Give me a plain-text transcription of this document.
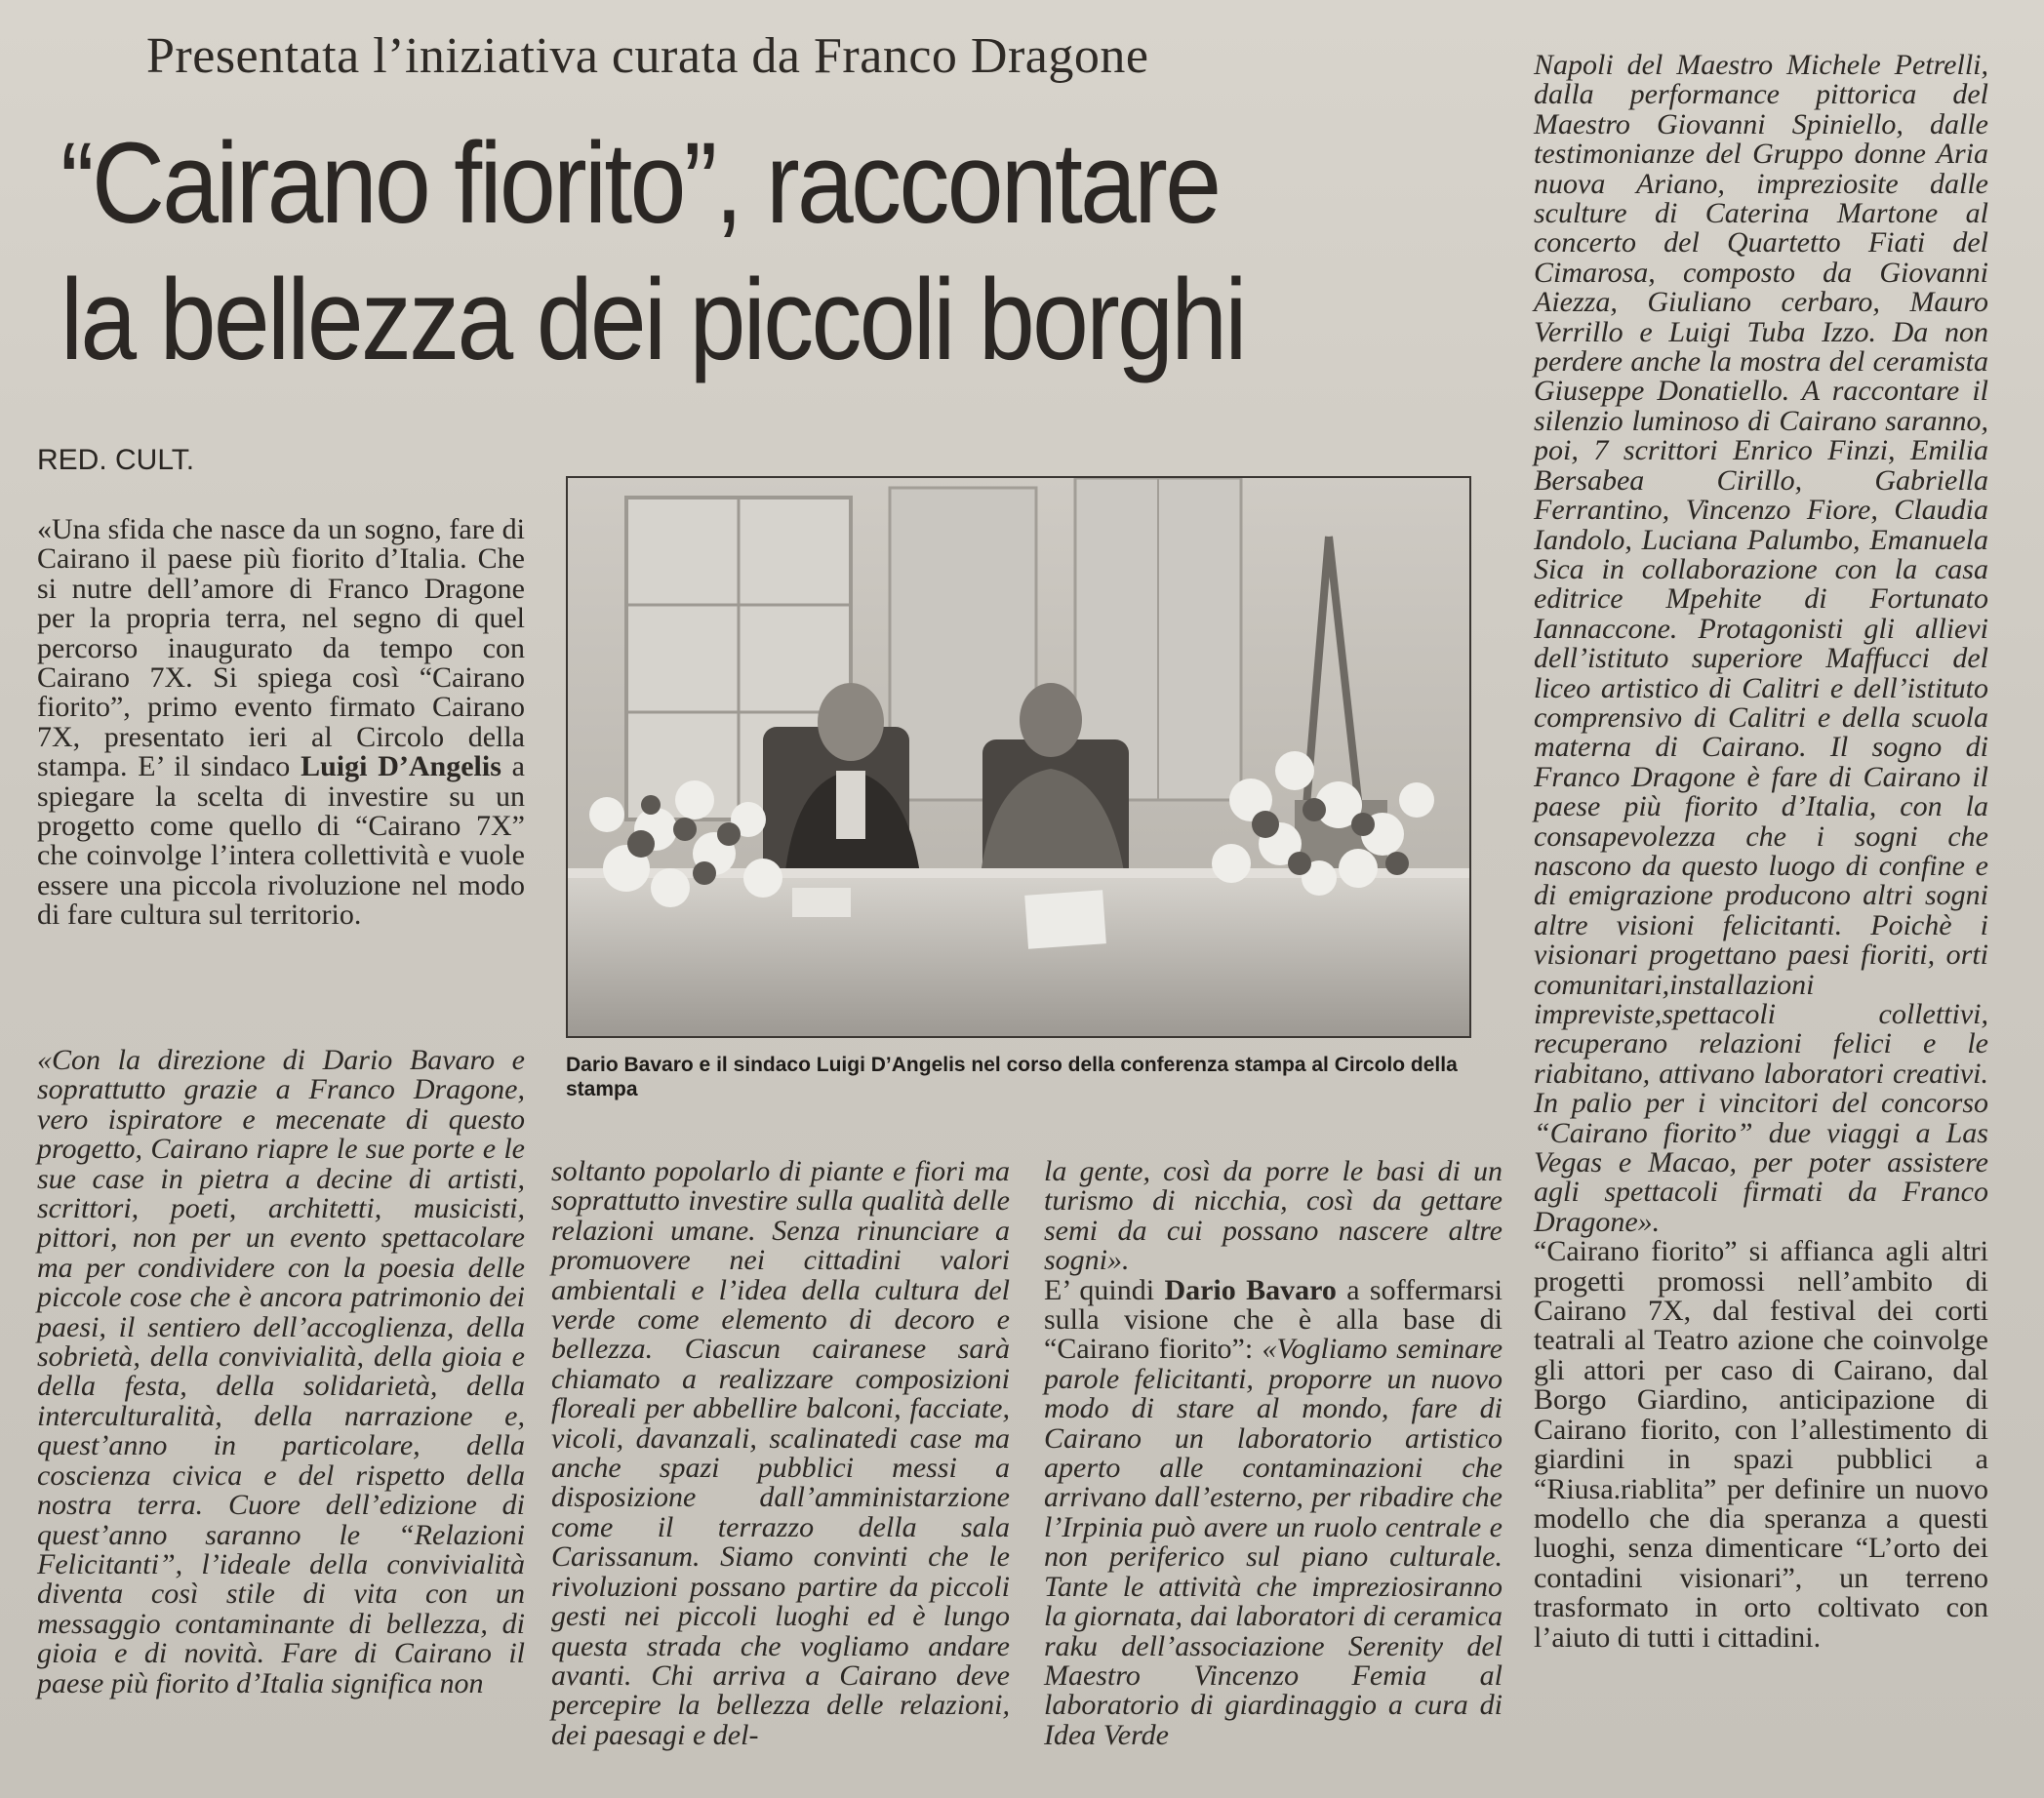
Presentata l’iniziativa curata da Franco Dragone
“Cairano fiorito”, raccontare
la bellezza dei piccoli borghi
RED. CULT.

«Una sfida che nasce da un sogno, fare di Cairano il paese più fiorito d’Italia. Che si nutre dell’amore di Franco Dragone per la propria terra, nel segno di quel percorso inaugurato da tempo con Cairano 7X. Si spiega così “Cairano fiorito”, primo evento firmato Cairano 7X, presentato ieri al Circolo della stampa. E’ il sindaco Luigi D’Angelis a spiegare la scelta di investire su un progetto come quello di “Cairano 7X” che coinvolge l’intera collettività e vuole essere una piccola rivoluzione nel modo di fare cultura sul territorio.

«Con la direzione di Dario Bavaro e soprattutto grazie a Franco Dragone, vero ispiratore e mecenate di questo progetto, Cairano riapre le sue porte e le sue case in pietra a decine di artisti, scrittori, poeti, architetti, musicisti, pittori, non per un evento spettacolare ma per condividere con la poesia delle piccole cose che è ancora patrimonio dei paesi, il sentiero dell’accoglienza, della sobrietà, della convivialità, della gioia e della festa, della solidarietà, della interculturalità, della narrazione e, quest’anno in particolare, della coscienza civica e del rispetto della nostra terra. Cuore dell’edizione di quest’anno saranno le “Relazioni Felicitanti”, l’ideale della convivialità diventa così stile di vita con un messaggio contaminante di bellezza, di gioia e di novità. Fare di Cairano il paese più fiorito d’Italia significa non

Dario Bavaro e il sindaco Luigi D’Angelis nel corso della conferenza stampa al Circolo della stampa

soltanto popolarlo di piante e fiori ma soprattutto investire sulla qualità delle relazioni umane. Senza rinunciare a promuovere nei cittadini valori ambientali e l’idea della cultura del verde come elemento di decoro e bellezza. Ciascun cairanese sarà chiamato a realizzare composizioni floreali per abbellire balconi, facciate, vicoli, davanzali, scalinatedi case ma anche spazi pubblici messi a disposizione dall’amministarzione come il terrazzo della sala Carissanum. Siamo convinti che le rivoluzioni possano partire da piccoli gesti nei piccoli luoghi ed è lungo questa strada che vogliamo andare avanti. Chi arriva a Cairano deve percepire la bellezza delle relazioni, dei paesagi e del-

la gente, così da porre le basi di un turismo di nicchia, così da gettare semi da cui possano nascere altre sogni».

E’ quindi Dario Bavaro a soffermarsi sulla visione che è alla base di “Cairano fiorito”: «Vogliamo seminare parole felicitanti, proporre un nuovo modo di stare al mondo, fare di Cairano un laboratorio artistico aperto alle contaminazioni che arrivano dall’esterno, per ribadire che l’Irpinia può avere un ruolo centrale e non periferico sul piano culturale. Tante le attività che impreziosiranno la giornata, dai laboratori di ceramica raku dell’associazione Serenity del Maestro Vincenzo Femia al laboratorio di giardinaggio a cura di Idea Verde

Napoli del Maestro Michele Petrelli, dalla performance pittorica del Maestro Giovanni Spiniello, dalle testimonianze del Gruppo donne Aria nuova Ariano, impreziosite dalle sculture di Caterina Martone al concerto del Quartetto Fiati del Cimarosa, composto da Giovanni Aiezza, Giuliano cerbaro, Mauro Verrillo e Luigi Tuba Izzo. Da non perdere anche la mostra del ceramista Giuseppe Donatiello. A raccontare il silenzio luminoso di Cairano saranno, poi, 7 scrittori Enrico Finzi, Emilia Bersabea Cirillo, Gabriella Ferrantino, Vincenzo Fiore, Claudia Iandolo, Luciana Palumbo, Emanuela Sica in collaborazione con la casa editrice Mpehite di Fortunato Iannaccone. Protagonisti gli allievi dell’istituto superiore Maffucci del liceo artistico di Calitri e dell’istituto comprensivo di Calitri e della scuola materna di Cairano. Il sogno di Franco Dragone è fare di Cairano il paese più fiorito d’Italia, con la consapevolezza che i sogni che nascono da questo luogo di confine e di emigrazione producono altri sogni altre visioni felicitanti. Poichè i visionari progettano paesi fioriti, orti comunitari,installazioni impreviste,spettacoli collettivi, recuperano relazioni felici e le riabitano, attivano laboratori creativi. In palio per i vincitori del concorso “Cairano fiorito” due viaggi a Las Vegas e Macao, per poter assistere agli spettacoli firmati da Franco Dragone».

“Cairano fiorito” si affianca agli altri progetti promossi nell’ambito di Cairano 7X, dal festival dei corti teatrali al Teatro azione che coinvolge gli attori per caso di Cairano, dal Borgo Giardino, anticipazione di Cairano fiorito, con l’allestimento di giardini in spazi pubblici a “Riusa.riablita” per definire un nuovo modello che dia speranza a questi luoghi, senza dimenticare “L’orto dei contadini visionari”, un terreno trasformato in orto coltivato con l’aiuto di tutti i cittadini.
